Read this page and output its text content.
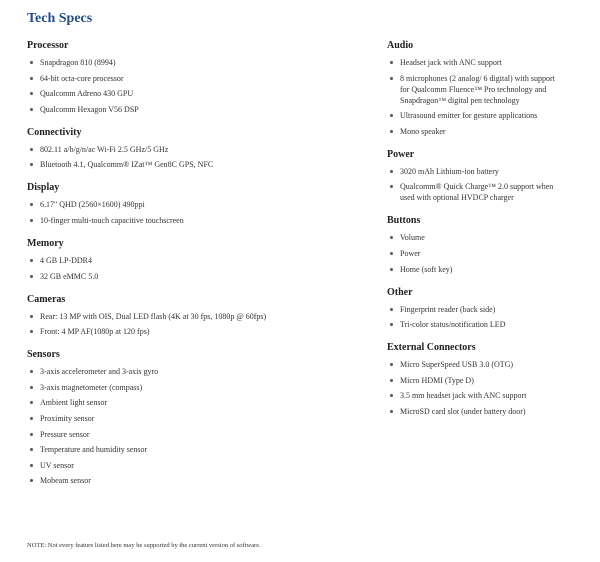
Tech Specs
Processor
Snapdragon 810 (8994)
64-bit octa-core processor
Qualcomm Adreno 430 GPU
Qualcomm Hexagon V56 DSP
Connectivity
802.11 a/b/g/n/ac Wi-Fi 2.5 GHz/5 GHz
Bluetooth 4.1, Qualcomm® IZat™ Gen8C GPS, NFC
Display
6.17" QHD (2560×1600) 490ppi
10-finger multi-touch capacitive touchscreen
Memory
4 GB LP-DDR4
32 GB eMMC 5.0
Cameras
Rear: 13 MP with OIS, Dual LED flash (4K at 30 fps, 1080p @ 60fps)
Front: 4 MP AF(1080p at 120 fps)
Sensors
3-axis accelerometer and 3-axis gyro
3-axis magnetometer (compass)
Ambient light sensor
Proximity sensor
Pressure sensor
Temperature and humidity sensor
UV sensor
Mobeam sensor
Audio
Headset jack with ANC support
8 microphones (2 analog/ 6 digital) with support for Qualcomm Fluence™ Pro technology and Snapdragon™ digital pen technology
Ultrasound emitter for gesture applications
Mono speaker
Power
3020 mAh Lithium-ion battery
Qualcomm® Quick Charge™ 2.0 support when used with optional HVDCP charger
Buttons
Volume
Power
Home (soft key)
Other
Fingerprint reader (back side)
Tri-color status/notification LED
External Connectors
Micro SuperSpeed USB 3.0 (OTG)
Micro HDMI (Type D)
3.5 mm headset jack with ANC support
MicroSD card slot (under battery door)

NOTE: Not every feature listed here may be supported by the current version of software.
